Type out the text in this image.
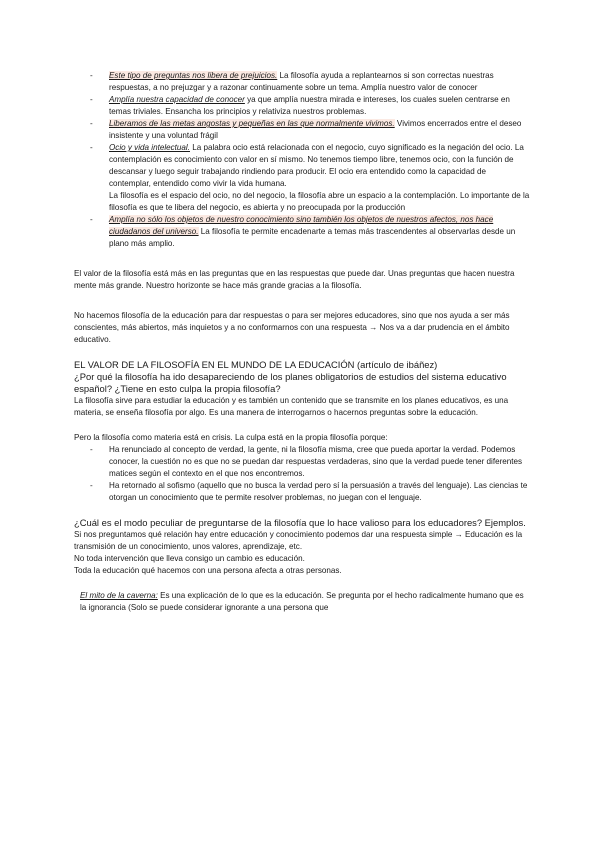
- Este tipo de preguntas nos libera de prejuicios. La filosofía ayuda a replantearnos si son correctas nuestras respuestas, a no prejuzgar y a razonar continuamente sobre un tema. Amplía nuestro valor de conocer
- Amplía nuestra capacidad de conocer ya que amplía nuestra mirada e intereses, los cuales suelen centrarse en temas triviales. Ensancha los principios y relativiza nuestros problemas.
- Liberamos de las metas angostas y pequeñas en las que normalmente vivimos. Vivimos encerrados entre el deseo insistente y una voluntad frágil
- Ocio y vida intelectual. La palabra ocio está relacionada con el negocio, cuyo significado es la negación del ocio. La contemplación es conocimiento con valor en sí mismo. No tenemos tiempo libre, tenemos ocio, con la función de descansar y luego seguir trabajando rindiendo para producir. El ocio era entendido como la capacidad de contemplar, entendido como vivir la vida humana.
La filosofía es el espacio del ocio, no del negocio, la filosofía abre un espacio a la contemplación. Lo importante de la filosofía es que te libera del negocio, es abierta y no preocupada por la producción
- Amplía no sólo los objetos de nuestro conocimiento sino también los objetos de nuestros afectos, nos hace ciudadanos del universo. La filosofía te permite encadenarte a temas más trascendentes al observarlas desde un plano más amplio.

El valor de la filosofía está más en las preguntas que en las respuestas que puede dar. Unas preguntas que hacen nuestra mente más grande. Nuestro horizonte se hace más grande gracias a la filosofía.

No hacemos filosofía de la educación para dar respuestas o para ser mejores educadores, sino que nos ayuda a ser más conscientes, más abiertos, más inquietos y a no conformarnos con una respuesta → Nos va a dar prudencia en el ámbito educativo.

EL VALOR DE LA FILOSOFÍA EN EL MUNDO DE LA EDUCACIÓN (artículo de ibáñez)

¿Por qué la filosofía ha ido desapareciendo de los planes obligatorios de estudios del sistema educativo español? ¿Tiene en esto culpa la propia filosofía?

La filosofía sirve para estudiar la educación y es también un contenido que se transmite en los planes educativos, es una materia, se enseña filosofía por algo. Es una manera de interrogarnos o hacernos preguntas sobre la educación.

Pero la filosofía como materia está en crisis. La culpa está en la propia filosofía porque:

- Ha renunciado al concepto de verdad, la gente, ni la filosofía misma, cree que pueda aportar la verdad. Podemos conocer, la cuestión no es que no se puedan dar respuestas verdaderas, sino que la verdad puede tener diferentes matices según el contexto en el que nos encontremos.
- Ha retornado al sofismo (aquello que no busca la verdad pero sí la persuasión a través del lenguaje). Las ciencias te otorgan un conocimiento que te permite resolver problemas, no juegan con el lenguaje.

¿Cuál es el modo peculiar de preguntarse de la filosofía que lo hace valioso para los educadores? Ejemplos.

Si nos preguntamos qué relación hay entre educación y conocimiento podemos dar una respuesta simple → Educación es la transmisión de un conocimiento, unos valores, aprendizaje, etc.

No toda intervención que lleva consigo un cambio es educación.

Toda la educación qué hacemos con una persona afecta a otras personas.

El mito de la caverna: Es una explicación de lo que es la educación. Se pregunta por el hecho radicalmente humano que es la ignorancia (Solo se puede considerar ignorante a una persona que
